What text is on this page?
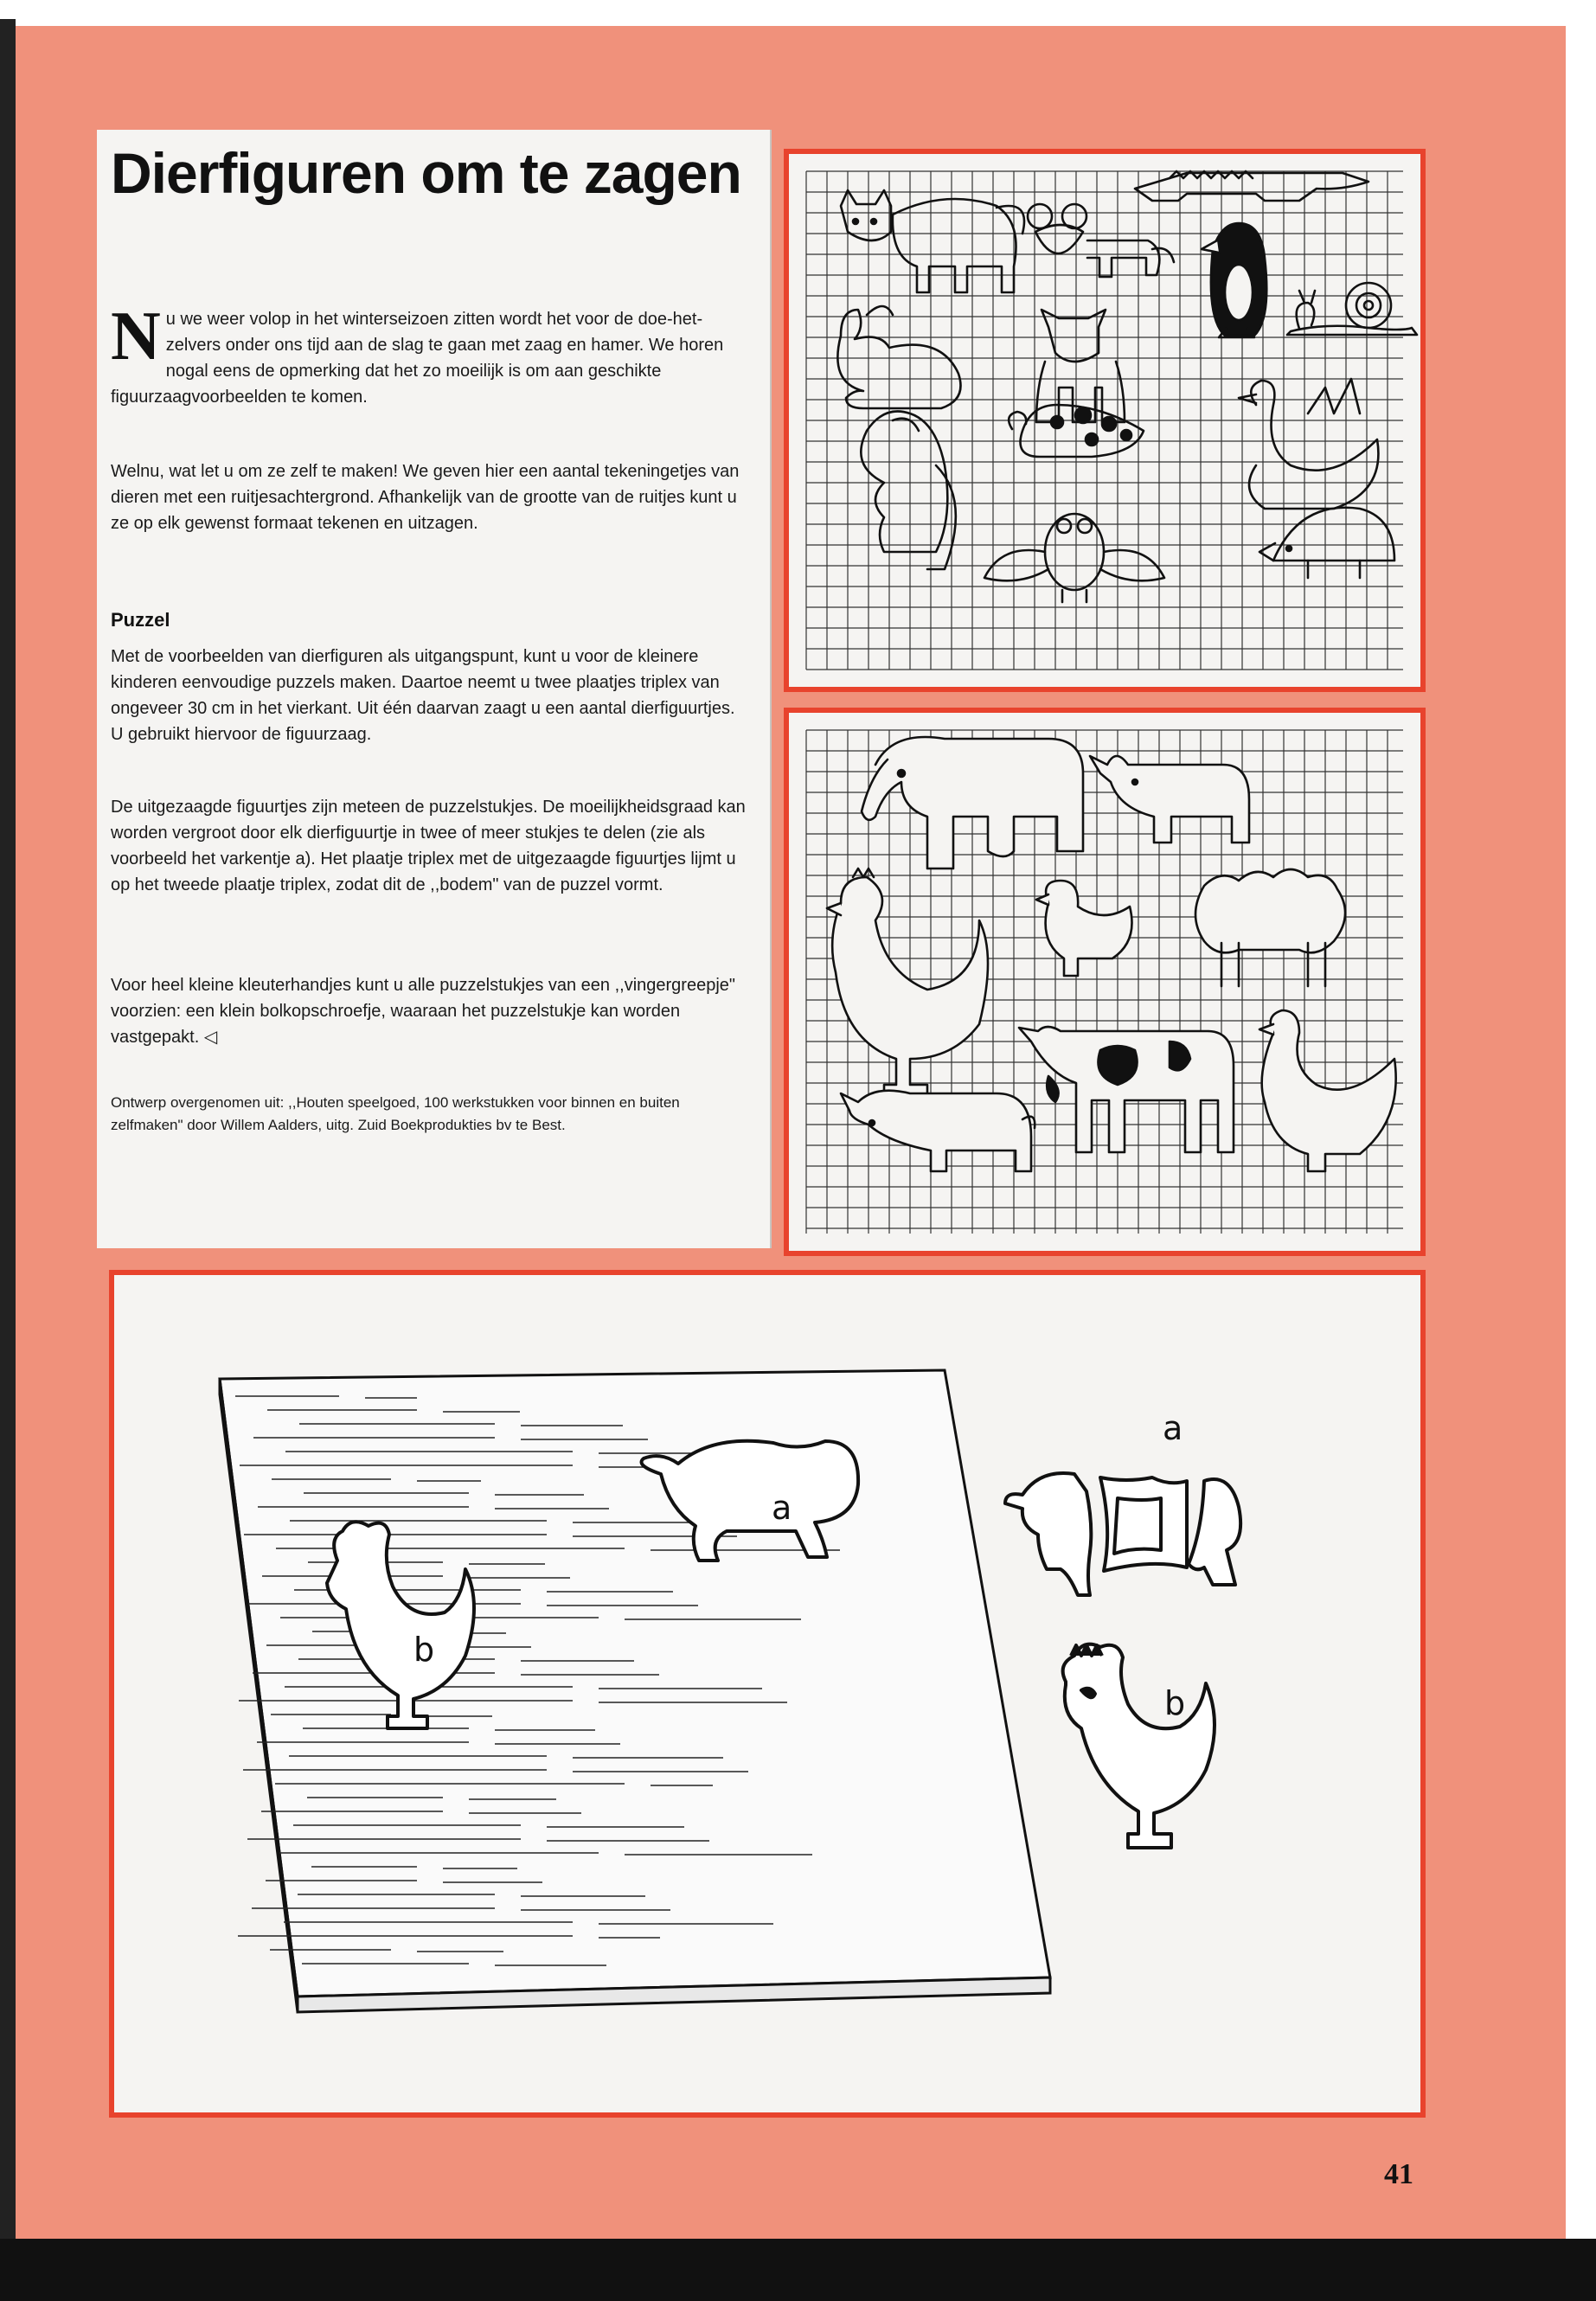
Dierfiguren om te zagen

Nu we weer volop in het winterseizoen zitten wordt het voor de doe-het-zelvers onder ons tijd aan de slag te gaan met zaag en hamer. We horen nogal eens de opmerking dat het zo moeilijk is om aan geschikte figuurzaagvoorbeelden te komen.

Welnu, wat let u om ze zelf te maken! We geven hier een aantal tekeningetjes van dieren met een ruitjesachtergrond. Afhankelijk van de grootte van de ruitjes kunt u ze op elk gewenst formaat tekenen en uitzagen.

Puzzel

Met de voorbeelden van dierfiguren als uitgangspunt, kunt u voor de kleinere kinderen eenvoudige puzzels maken. Daartoe neemt u twee plaatjes triplex van ongeveer 30 cm in het vierkant. Uit één daarvan zaagt u een aantal dierfiguurtjes. U gebruikt hiervoor de figuurzaag.

De uitgezaagde figuurtjes zijn meteen de puzzelstukjes. De moeilijkheidsgraad kan worden vergroot door elk dierfiguurtje in twee of meer stukjes te delen (zie als voorbeeld het varkentje a). Het plaatje triplex met de uitgezaagde figuurtjes lijmt u op het tweede plaatje triplex, zodat dit de ,,bodem" van de puzzel vormt.

Voor heel kleine kleuterhandjes kunt u alle puzzelstukjes van een ,,vingergreepje" voorzien: een klein bolkopschroefje, waaraan het puzzelstukje kan worden vastgepakt. ◁

Ontwerp overgenomen uit: ,,Houten speelgoed, 100 werkstukken voor binnen en buiten zelfmaken" door Willem Aalders, uitg. Zuid Boekprodukties bv te Best.

a
b
a
b

41
